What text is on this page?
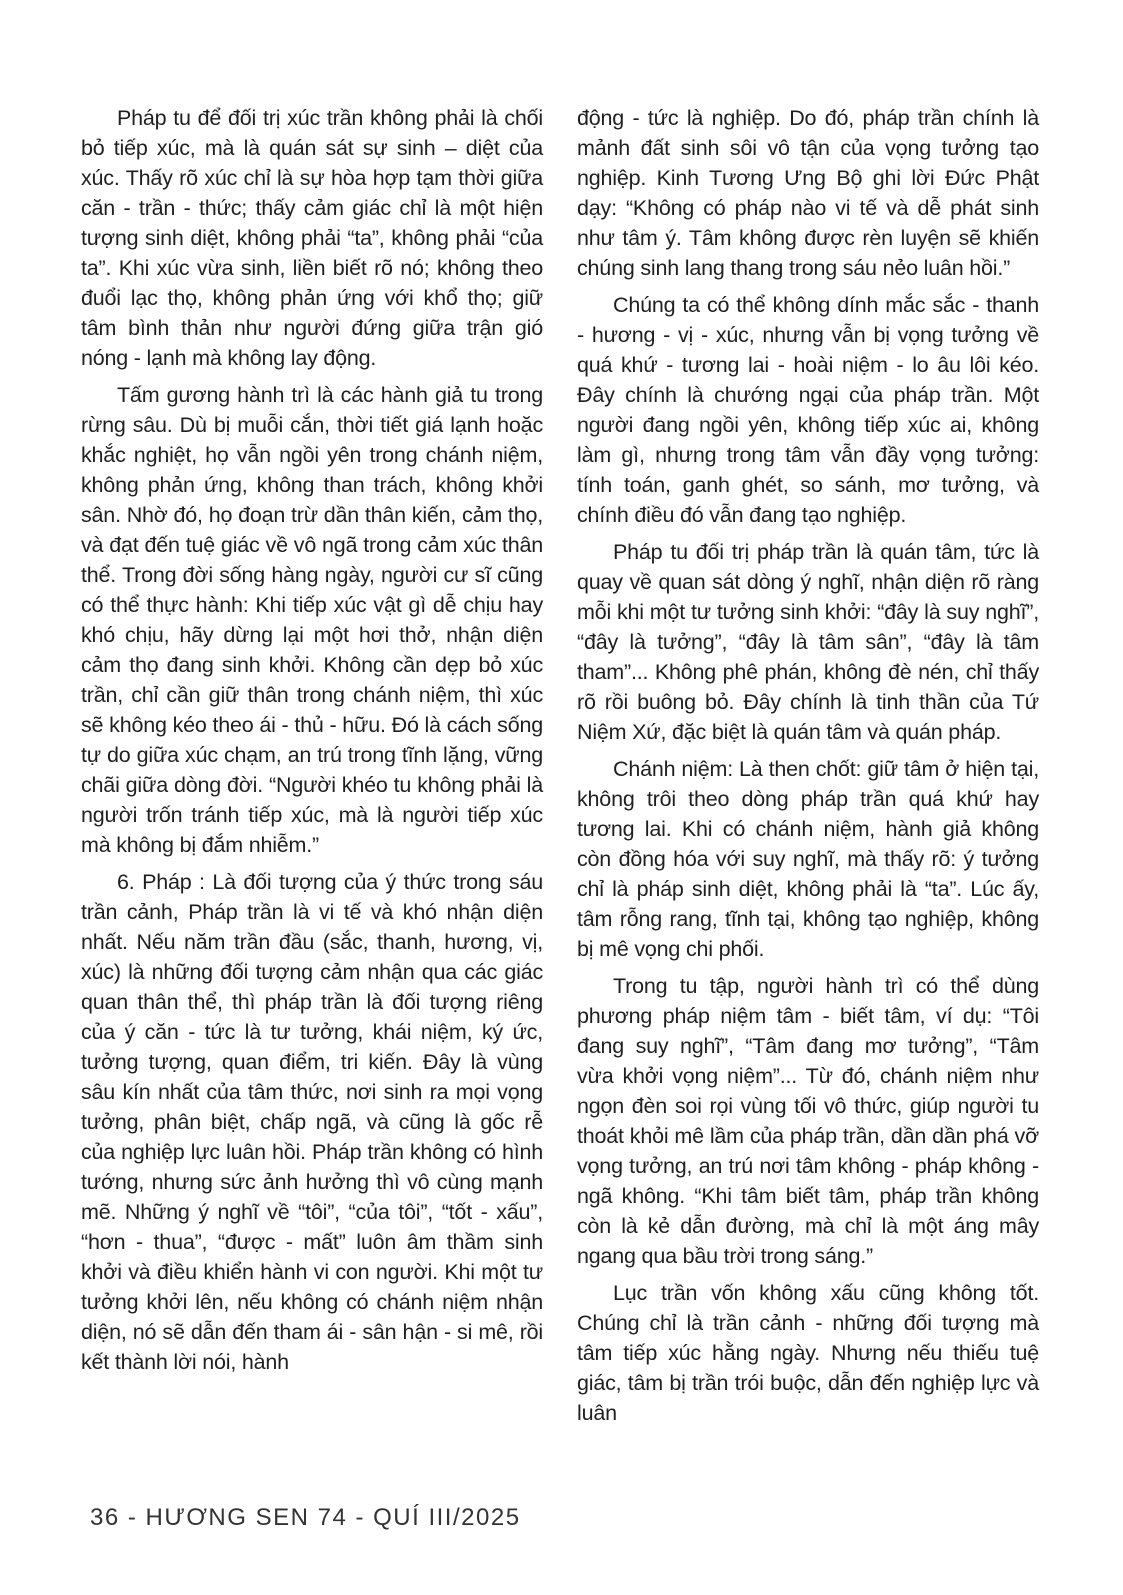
Pháp tu để đối trị xúc trần không phải là chối bỏ tiếp xúc, mà là quán sát sự sinh – diệt của xúc. Thấy rõ xúc chỉ là sự hòa hợp tạm thời giữa căn - trần - thức; thấy cảm giác chỉ là một hiện tượng sinh diệt, không phải “ta”, không phải “của ta”. Khi xúc vừa sinh, liền biết rõ nó; không theo đuổi lạc thọ, không phản ứng với khổ thọ; giữ tâm bình thản như người đứng giữa trận gió nóng - lạnh mà không lay động.

Tấm gương hành trì là các hành giả tu trong rừng sâu. Dù bị muỗi cắn, thời tiết giá lạnh hoặc khắc nghiệt, họ vẫn ngồi yên trong chánh niệm, không phản ứng, không than trách, không khởi sân. Nhờ đó, họ đoạn trừ dần thân kiến, cảm thọ, và đạt đến tuệ giác về vô ngã trong cảm xúc thân thể. Trong đời sống hàng ngày, người cư sĩ cũng có thể thực hành: Khi tiếp xúc vật gì dễ chịu hay khó chịu, hãy dừng lại một hơi thở, nhận diện cảm thọ đang sinh khởi. Không cần dẹp bỏ xúc trần, chỉ cần giữ thân trong chánh niệm, thì xúc sẽ không kéo theo ái - thủ - hữu. Đó là cách sống tự do giữa xúc chạm, an trú trong tĩnh lặng, vững chãi giữa dòng đời. “Người khéo tu không phải là người trốn tránh tiếp xúc, mà là người tiếp xúc mà không bị đắm nhiễm.”

6. Pháp : Là đối tượng của ý thức trong sáu trần cảnh, Pháp trần là vi tế và khó nhận diện nhất. Nếu năm trần đầu (sắc, thanh, hương, vị, xúc) là những đối tượng cảm nhận qua các giác quan thân thể, thì pháp trần là đối tượng riêng của ý căn - tức là tư tưởng, khái niệm, ký ức, tưởng tượng, quan điểm, tri kiến. Đây là vùng sâu kín nhất của tâm thức, nơi sinh ra mọi vọng tưởng, phân biệt, chấp ngã, và cũng là gốc rễ của nghiệp lực luân hồi. Pháp trần không có hình tướng, nhưng sức ảnh hưởng thì vô cùng mạnh mẽ. Những ý nghĩ về “tôi”, “của tôi”, “tốt - xấu”, “hơn - thua”, “được - mất” luôn âm thầm sinh khởi và điều khiển hành vi con người. Khi một tư tưởng khởi lên, nếu không có chánh niệm nhận diện, nó sẽ dẫn đến tham ái - sân hận - si mê, rồi kết thành lời nói, hành

động - tức là nghiệp. Do đó, pháp trần chính là mảnh đất sinh sôi vô tận của vọng tưởng tạo nghiệp. Kinh Tương Ưng Bộ ghi lời Đức Phật dạy: “Không có pháp nào vi tế và dễ phát sinh như tâm ý. Tâm không được rèn luyện sẽ khiến chúng sinh lang thang trong sáu nẻo luân hồi.”

Chúng ta có thể không dính mắc sắc - thanh - hương - vị - xúc, nhưng vẫn bị vọng tưởng về quá khứ - tương lai - hoài niệm - lo âu lôi kéo. Đây chính là chướng ngại của pháp trần. Một người đang ngồi yên, không tiếp xúc ai, không làm gì, nhưng trong tâm vẫn đầy vọng tưởng: tính toán, ganh ghét, so sánh, mơ tưởng, và chính điều đó vẫn đang tạo nghiệp.

Pháp tu đối trị pháp trần là quán tâm, tức là quay về quan sát dòng ý nghĩ, nhận diện rõ ràng mỗi khi một tư tưởng sinh khởi: “đây là suy nghĩ”, “đây là tưởng”, “đây là tâm sân”, “đây là tâm tham”... Không phê phán, không đè nén, chỉ thấy rõ rồi buông bỏ. Đây chính là tinh thần của Tứ Niệm Xứ, đặc biệt là quán tâm và quán pháp.

Chánh niệm: Là then chốt: giữ tâm ở hiện tại, không trôi theo dòng pháp trần quá khứ hay tương lai. Khi có chánh niệm, hành giả không còn đồng hóa với suy nghĩ, mà thấy rõ: ý tưởng chỉ là pháp sinh diệt, không phải là “ta”. Lúc ấy, tâm rỗng rang, tĩnh tại, không tạo nghiệp, không bị mê vọng chi phối.

Trong tu tập, người hành trì có thể dùng phương pháp niệm tâm - biết tâm, ví dụ: “Tôi đang suy nghĩ”, “Tâm đang mơ tưởng”, “Tâm vừa khởi vọng niệm”... Từ đó, chánh niệm như ngọn đèn soi rọi vùng tối vô thức, giúp người tu thoát khỏi mê lầm của pháp trần, dần dần phá vỡ vọng tưởng, an trú nơi tâm không - pháp không - ngã không. “Khi tâm biết tâm, pháp trần không còn là kẻ dẫn đường, mà chỉ là một áng mây ngang qua bầu trời trong sáng.”

Lục trần vốn không xấu cũng không tốt. Chúng chỉ là trần cảnh - những đối tượng mà tâm tiếp xúc hằng ngày. Nhưng nếu thiếu tuệ giác, tâm bị trần trói buộc, dẫn đến nghiệp lực và luân

36 - HƯƠNG SEN 74 - QUÍ III/2025
